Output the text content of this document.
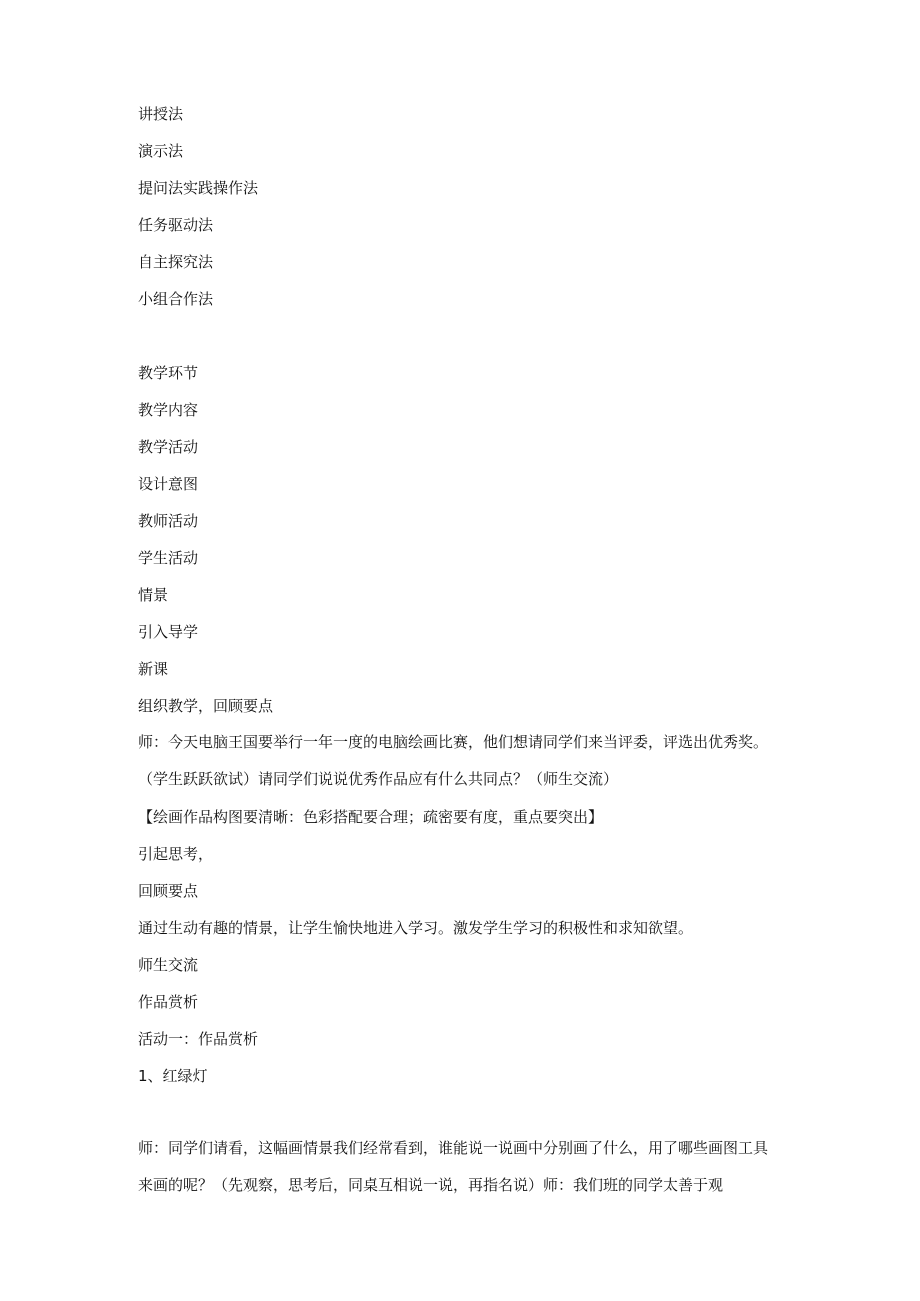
讲授法

演示法

提问法实践操作法

任务驱动法

自主探究法

小组合作法

教学环节

教学内容

教学活动

设计意图

教师活动

学生活动

情景

引入导学

新课

组织教学，回顾要点

师：今天电脑王国要举行一年一度的电脑绘画比赛，他们想请同学们来当评委，评选出优秀奖。（学生跃跃欲试）请同学们说说优秀作品应有什么共同点？（师生交流）

【绘画作品构图要清晰：色彩搭配要合理；疏密要有度，重点要突出】

引起思考，

回顾要点

通过生动有趣的情景，让学生愉快地进入学习。激发学生学习的积极性和求知欲望。

师生交流

作品赏析

活动一：作品赏析

1、红绿灯

师：同学们请看，这幅画情景我们经常看到，谁能说一说画中分别画了什么，用了哪些画图工具来画的呢？（先观察，思考后，同桌互相说一说，再指名说）师：我们班的同学太善于观
